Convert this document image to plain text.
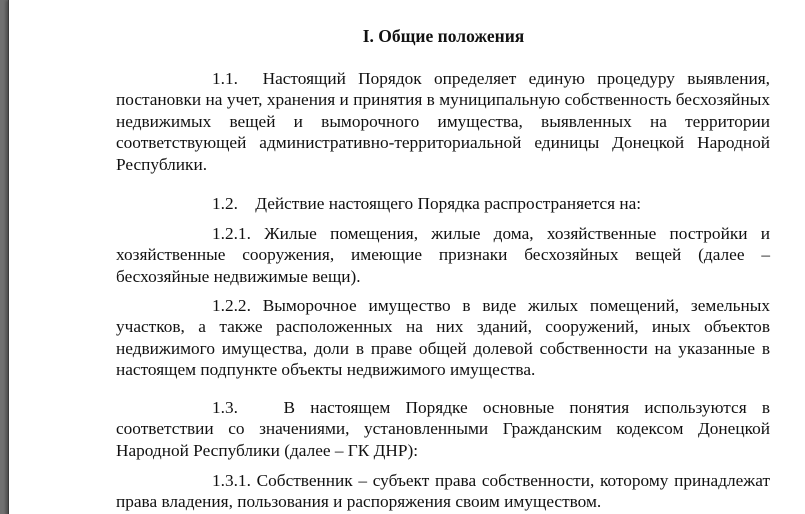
I. Общие положения

1.1. Настоящий Порядок определяет единую процедуру выявления, постановки на учет, хранения и принятия в муниципальную собственность бесхозяйных недвижимых вещей и выморочного имущества, выявленных на территории соответствующей административно-территориальной единицы Донецкой Народной Республики.

1.2. Действие настоящего Порядка распространяется на:

1.2.1. Жилые помещения, жилые дома, хозяйственные постройки и хозяйственные сооружения, имеющие признаки бесхозяйных вещей (далее – бесхозяйные недвижимые вещи).

1.2.2. Выморочное имущество в виде жилых помещений, земельных участков, а также расположенных на них зданий, сооружений, иных объектов недвижимого имущества, доли в праве общей долевой собственности на указанные в настоящем подпункте объекты недвижимого имущества.

1.3.	В настоящем Порядке основные понятия используются в соответствии со значениями, установленными Гражданским кодексом Донецкой Народной Республики (далее – ГК ДНР):

1.3.1. Собственник – субъект права собственности, которому принадлежат права владения, пользования и распоряжения своим имуществом.
